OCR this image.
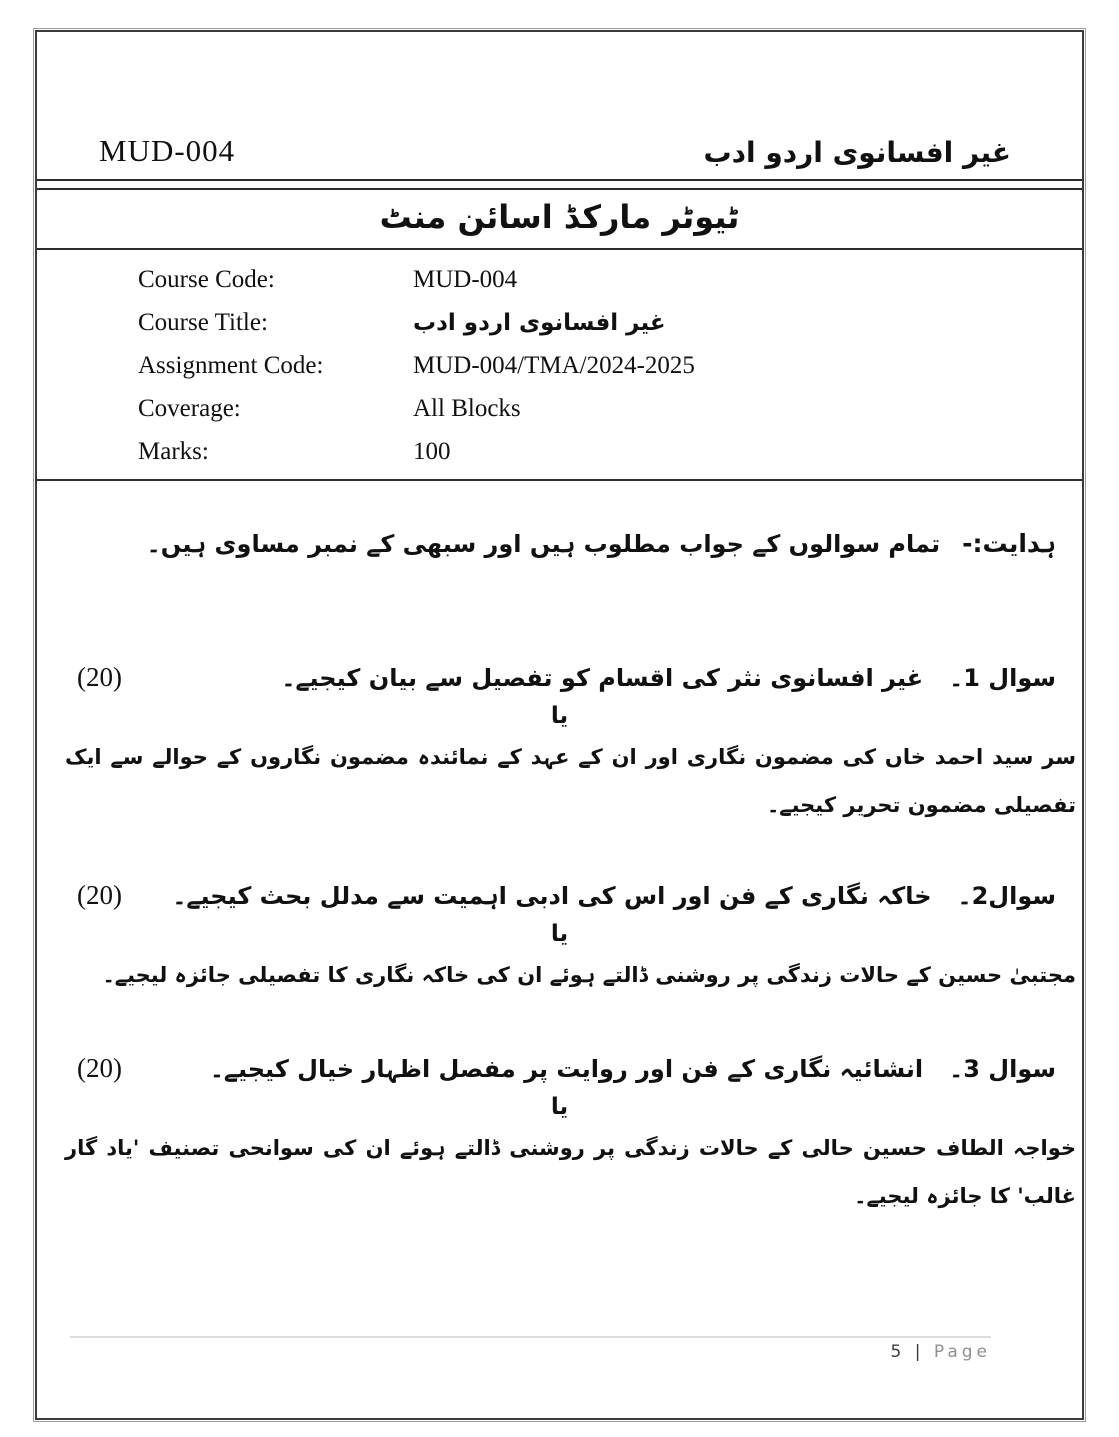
MUD-004	غیر افسانوی اردو ادب
ٹیوٹر مارکڈ اسائن منٹ
Course Code:	MUD-004
Course Title:	غیر افسانوی اردو ادب
Assignment Code:	MUD-004/TMA/2024-2025
Coverage:	All Blocks
Marks:	100
ہدایت:-
تمام سوالوں کے جواب مطلوب ہیں اور سبھی کے نمبر مساوی ہیں۔
سوال 1۔
غیر افسانوی نثر کی اقسام کو تفصیل سے بیان کیجیے۔
(20)
یا
سر سید احمد خاں کی مضمون نگاری اور ان کے عہد کے نمائندہ مضمون نگاروں کے حوالے سے ایک تفصیلی مضمون تحریر کیجیے۔
سوال2۔
خاکہ نگاری کے فن اور اس کی ادبی اہمیت سے مدلل بحث کیجیے۔
(20)
یا
مجتبیٰ حسین کے حالات زندگی پر روشنی ڈالتے ہوئے ان کی خاکہ نگاری کا تفصیلی جائزہ لیجیے۔
سوال 3۔
انشائیہ نگاری کے فن اور روایت پر مفصل اظہار خیال کیجیے۔
(20)
یا
خواجہ الطاف حسین حالی کے حالات زندگی پر روشنی ڈالتے ہوئے ان کی سوانحی تصنیف 'یاد گار غالب' کا جائزہ لیجیے۔
5 | Page
